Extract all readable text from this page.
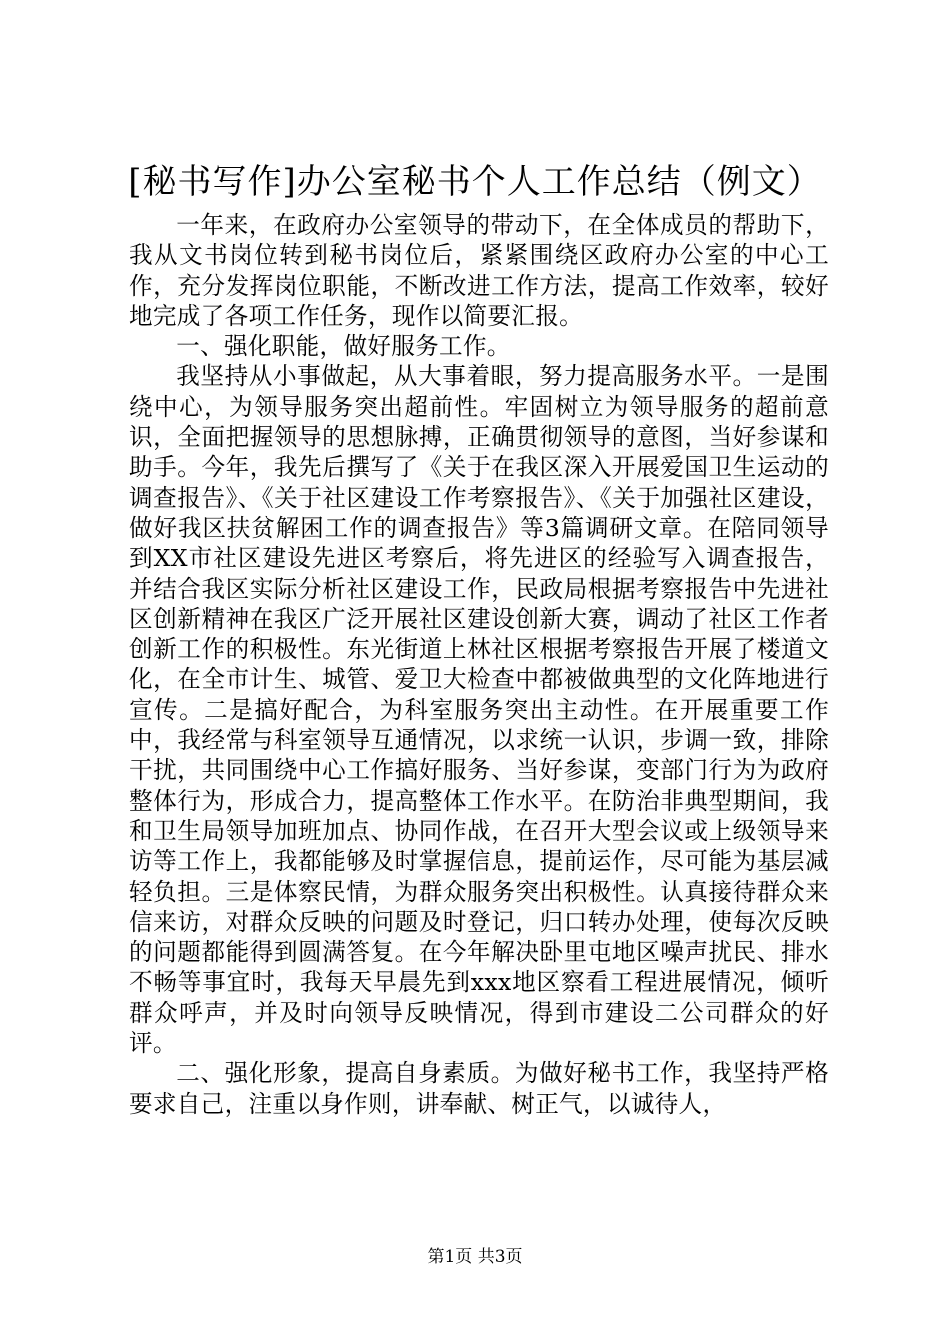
[秘书写作]办公室秘书个人工作总结（例文）

一年来，在政府办公室领导的带动下，在全体成员的帮助下，我从文书岗位转到秘书岗位后，紧紧围绕区政府办公室的中心工作，充分发挥岗位职能，不断改进工作方法，提高工作效率，较好地完成了各项工作任务，现作以简要汇报。

一、强化职能，做好服务工作。

我坚持从小事做起，从大事着眼，努力提高服务水平。一是围绕中心，为领导服务突出超前性。牢固树立为领导服务的超前意识，全面把握领导的思想脉搏，正确贯彻领导的意图，当好参谋和助手。今年，我先后撰写了《关于在我区深入开展爱国卫生运动的调查报告》、《关于社区建设工作考察报告》、《关于加强社区建设，做好我区扶贫解困工作的调查报告》等3篇调研文章。在陪同领导到XX市社区建设先进区考察后，将先进区的经验写入调查报告，并结合我区实际分析社区建设工作，民政局根据考察报告中先进社区创新精神在我区广泛开展社区建设创新大赛，调动了社区工作者创新工作的积极性。东光街道上林社区根据考察报告开展了楼道文化，在全市计生、城管、爱卫大检查中都被做典型的文化阵地进行宣传。二是搞好配合，为科室服务突出主动性。在开展重要工作中，我经常与科室领导互通情况，以求统一认识，步调一致，排除干扰，共同围绕中心工作搞好服务、当好参谋，变部门行为为政府整体行为，形成合力，提高整体工作水平。在防治非典型期间，我和卫生局领导加班加点、协同作战，在召开大型会议或上级领导来访等工作上，我都能够及时掌握信息，提前运作，尽可能为基层减轻负担。三是体察民情，为群众服务突出积极性。认真接待群众来信来访，对群众反映的问题及时登记，归口转办处理，使每次反映的问题都能得到圆满答复。在今年解决卧里屯地区噪声扰民、排水不畅等事宜时，我每天早晨先到xxx地区察看工程进展情况，倾听群众呼声，并及时向领导反映情况，得到市建设二公司群众的好评。

二、强化形象，提高自身素质。为做好秘书工作，我坚持严格要求自己，注重以身作则，讲奉献、树正气，以诚待人，

第1页 共3页
